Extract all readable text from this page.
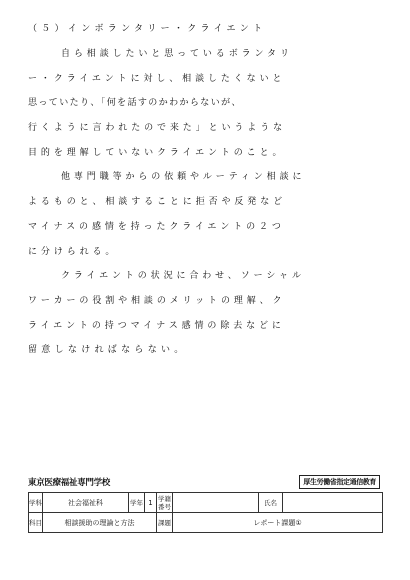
（５）インボランタリー・クライエント
自ら相談したいと思っているボランタリ
ー・クライエントに対し、相談したくないと
思っていたり、「何を話すのかわからないが、
行くように言われたので来た」というような
目的を理解していないクライエントのこと。
他専門職等からの依頼やルーティン相談に
よるものと、相談することに拒否や反発など
マイナスの感情を持ったクライエントの２つ
に分けられる。
クライエントの状況に合わせ、ソーシャル
ワーカーの役割や相談のメリットの理解、ク
ライエントの持つマイナス感情の除去などに
留意しなければならない。
東京医療福祉専門学校	厚生労働省指定通信教育
学科	社会福祉科	学年	1	学籍番号		氏名	
科目	相談援助の理論と方法			課題	レポート課題①		
